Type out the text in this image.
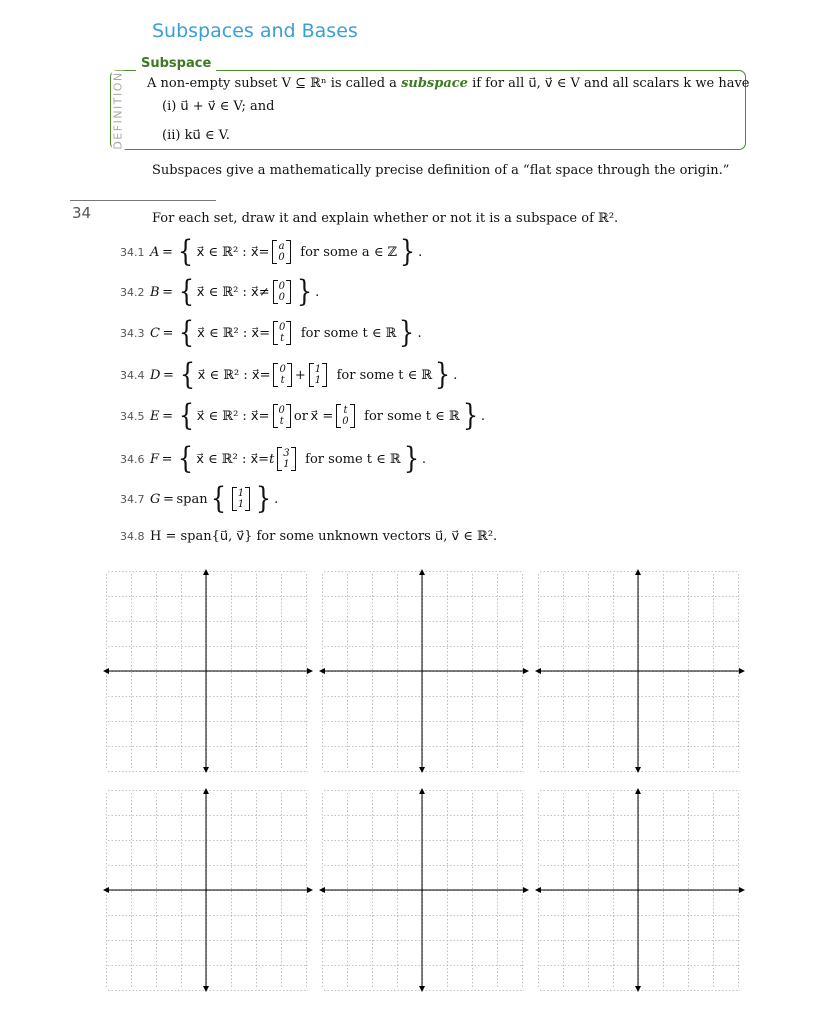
Subspaces and Bases
DEFINITION
Subspace
A non-empty subset V ⊆ ℝⁿ is called a subspace if for all u⃗, v⃗ ∈ V and all scalars k we have
(i) u⃗ + v⃗ ∈ V; and
(ii) ku⃗ ∈ V.
Subspaces give a mathematically precise definition of a “flat space through the origin.”
34	For each set, draw it and explain whether or not it is a subspace of ℝ².
34.1 A  =  { x⃗ ∈ ℝ² : x⃗ = a
0  for some a ∈ ℤ } .
34.2 B  =  { x⃗ ∈ ℝ² : x⃗ ≠ 0
0 } .
34.3 C  =  { x⃗ ∈ ℝ² : x⃗ = 0
t  for some t ∈ ℝ } .
34.4 D  =  { x⃗ ∈ ℝ² : x⃗ = 0
t + 1
1  for some t ∈ ℝ } .
34.5 E  =  { x⃗ ∈ ℝ² : x⃗ = 0
t or  x⃗ = t
0  for some t ∈ ℝ } .
34.6 F  =  { x⃗ ∈ ℝ² : x⃗ = t 3
1  for some t ∈ ℝ } .
34.7 G  =  span { 1
1 } .
34.8 H = span{u⃗, v⃗} for some unknown vectors u⃗, v⃗ ∈ ℝ².
